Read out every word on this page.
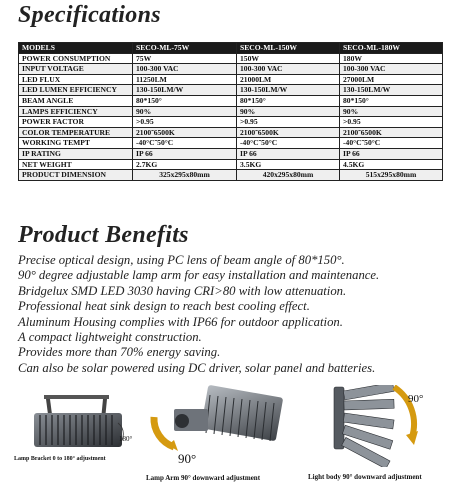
Specifications
MODELS	SECO-ML-75W	SECO-ML-150W	SECO-ML-180W
POWER CONSUMPTION	75W	150W	180W
INPUT VOLTAGE	100-300 VAC	100-300 VAC	100-300 VAC
LED FLUX	11250LM	21000LM	27000LM
LED LUMEN EFFICIENCY	130-150LM/W	130-150LM/W	130-150LM/W
BEAM ANGLE	80*150°	80*150°	80*150°
LAMPS EFFICIENCY	90%	90%	90%
POWER FACTOR	>0.95	>0.95	>0.95
COLOR TEMPERATURE	2100˜6500K	2100˜6500K	2100˜6500K
WORKING TEMPT	-40°C˜50°C	-40°C˜50°C	-40°C˜50°C
IP RATING	IP 66	IP 66	IP 66
NET WEIGHT	2.7KG	3.5KG	4.5KG
PRODUCT DIMENSION	325x295x80mm	420x295x80mm	515x295x80mm
Product Benefits
Precise optical design, using PC lens of beam angle of 80*150°.
90° degree adjustable lamp arm for easy installation and maintenance.
Bridgelux SMD LED 3030 having CRI>80 with low attenuation.
Professional heat sink design to reach best cooling effect.
Aluminum Housing complies with IP66 for outdoor application.
A compact lightweight construction.
Provides more than 70% energy saving.
Can also be solar powered using DC driver, solar panel and batteries.
180°
Lamp Bracket 0 to 180° adjustment	90°
Lamp Arm 90° downward adjustment
90°
Light body 90° downward adjustment
